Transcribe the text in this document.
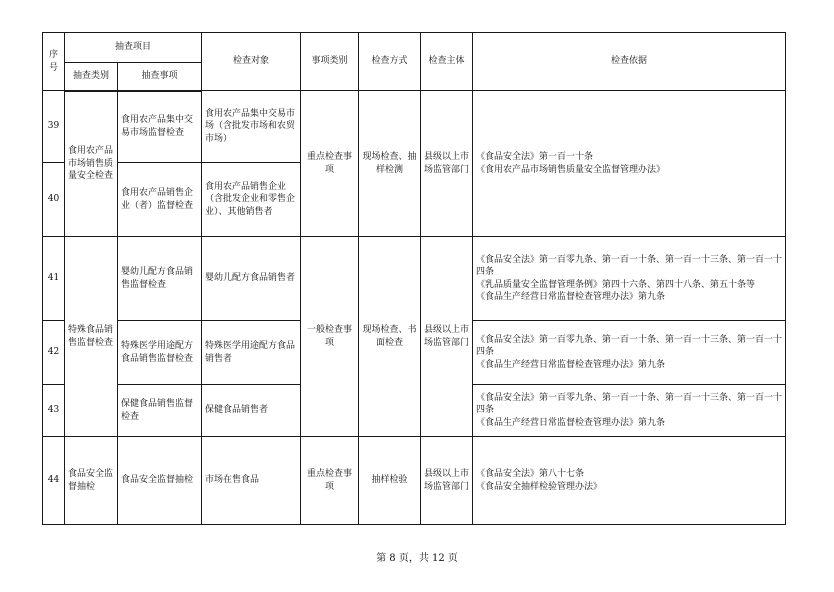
序号	抽查项目		检查对象	事项类别	检查方式	检查主体	检查依据
	抽查类别	抽查事项					
39	食用农产品市场销售质量安全检查	食用农产品集中交易市场监督检查	食用农产品集中交易市场（含批发市场和农贸市场）	重点检查事项	现场检查、抽样检测	县级以上市场监管部门	《食品安全法》第一百一十条
《食用农产品市场销售质量安全监督管理办法》
40		食用农产品销售企业（者）监督检查	食用农产品销售企业（含批发企业和零售企业）、其他销售者				
41	特殊食品销售监督检查	婴幼儿配方食品销售监督检查	婴幼儿配方食品销售者	一般检查事项	现场检查、书面检查	县级以上市场监管部门	《食品安全法》第一百零九条、第一百一十条、第一百一十三条、第一百一十四条
《乳品质量安全监督管理条例》第四十六条、第四十八条、第五十条等
《食品生产经营日常监督检查管理办法》第九条
42		特殊医学用途配方食品销售监督检查	特殊医学用途配方食品销售者				《食品安全法》第一百零九条、第一百一十条、第一百一十三条、第一百一十四条
《食品生产经营日常监督检查管理办法》第九条
43		保健食品销售监督检查	保健食品销售者				《食品安全法》第一百零九条、第一百一十条、第一百一十三条、第一百一十四条
《食品生产经营日常监督检查管理办法》第九条
44	食品安全监督抽检	食品安全监督抽检	市场在售食品	重点检查事项	抽样检验	县级以上市场监管部门	《食品安全法》第八十七条
《食品安全抽样检验管理办法》
第 8 页，共 12 页
